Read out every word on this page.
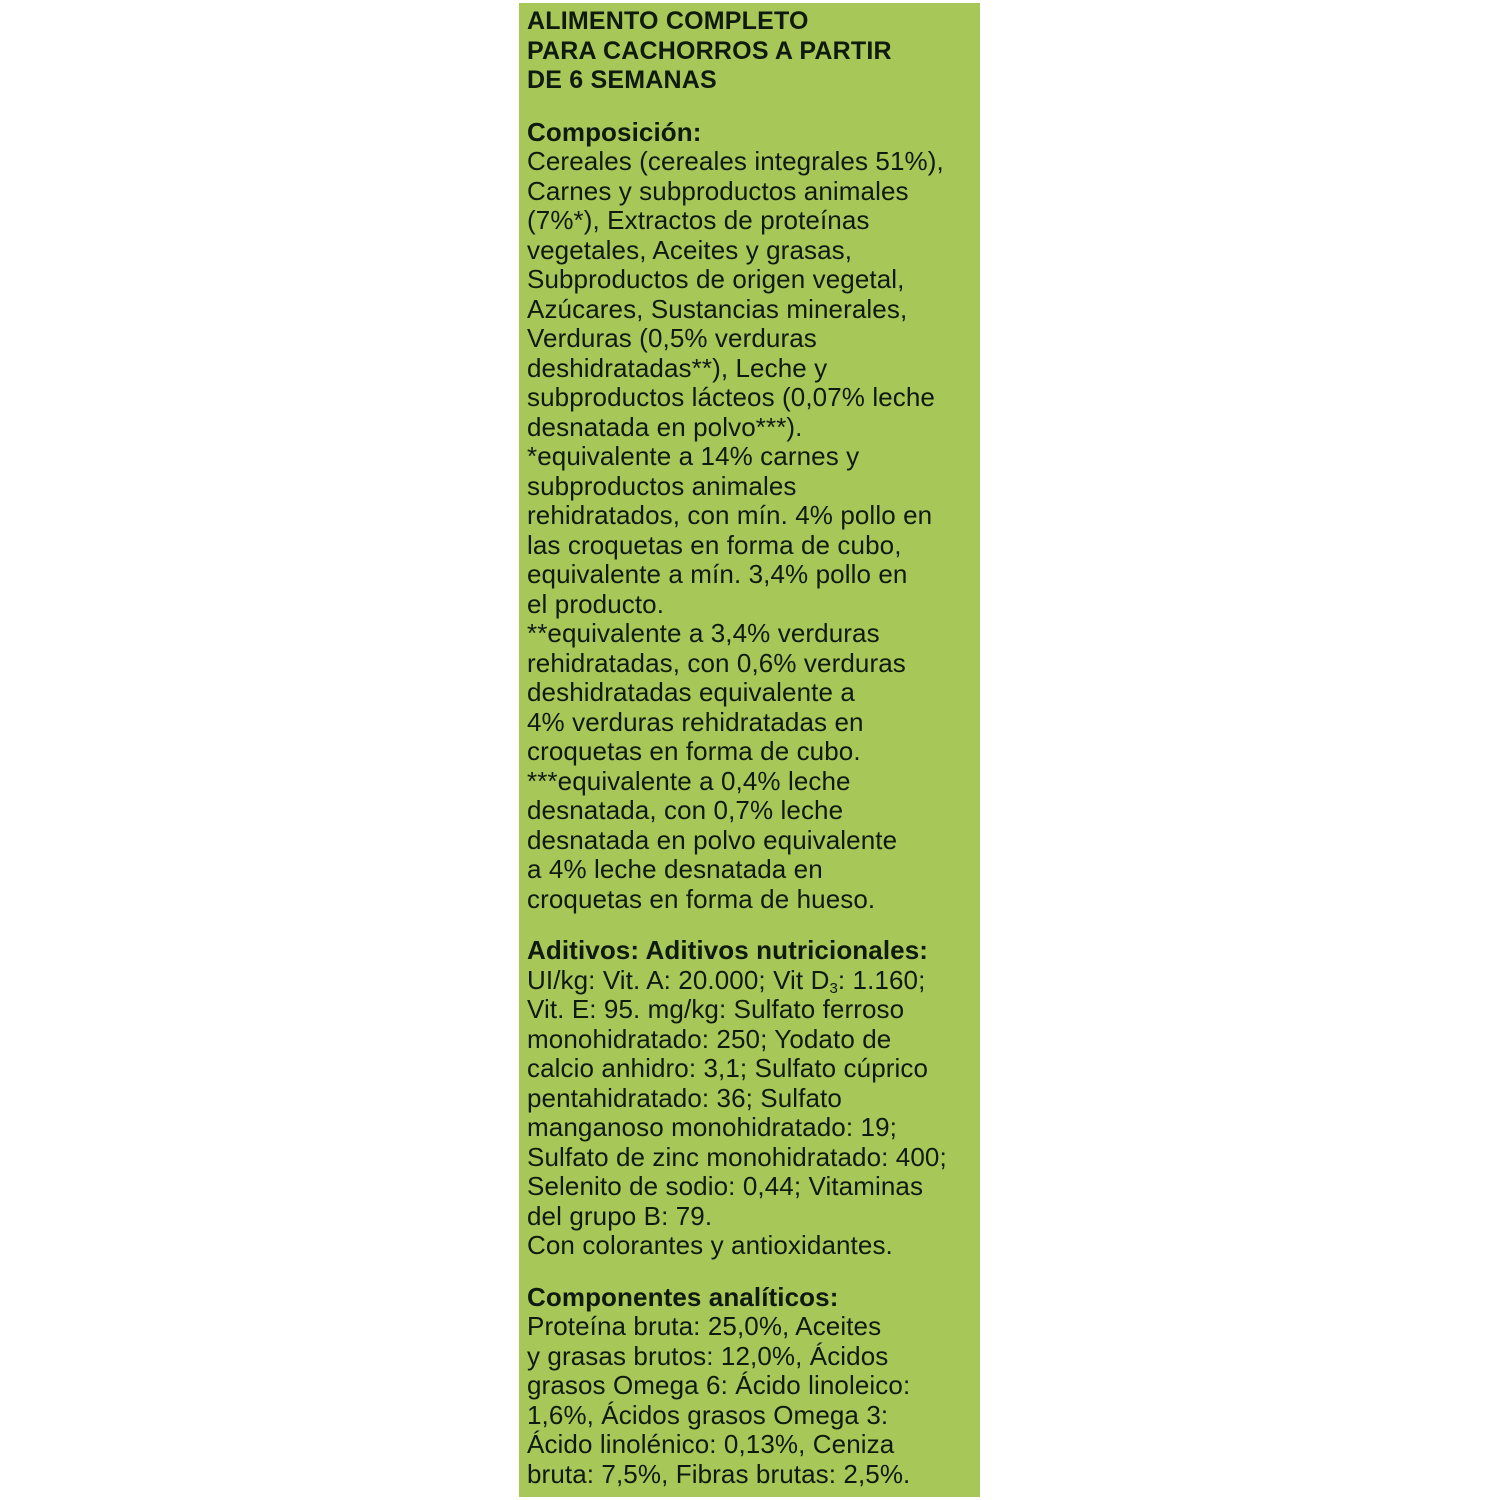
ALIMENTO COMPLETO
PARA CACHORROS A PARTIR
DE 6 SEMANAS
Composición:
Cereales (cereales integrales 51%),
Carnes y subproductos animales
(7%*), Extractos de proteínas
vegetales, Aceites y grasas,
Subproductos de origen vegetal,
Azúcares, Sustancias minerales,
Verduras (0,5% verduras
deshidratadas**), Leche y
subproductos lácteos (0,07% leche
desnatada en polvo***).
*equivalente a 14% carnes y
subproductos animales
rehidratados, con mín. 4% pollo en
las croquetas en forma de cubo,
equivalente a mín. 3,4% pollo en
el producto.
**equivalente a 3,4% verduras
rehidratadas, con 0,6% verduras
deshidratadas equivalente a
4% verduras rehidratadas en
croquetas en forma de cubo.
***equivalente a 0,4% leche
desnatada, con 0,7% leche
desnatada en polvo equivalente
a 4% leche desnatada en
croquetas en forma de hueso.
Aditivos: Aditivos nutricionales:
UI/kg: Vit. A: 20.000; Vit $D_3$: 1.160;
Vit. E: 95. mg/kg: Sulfato ferroso
monohidratado: 250; Yodato de
calcio anhidro: 3,1; Sulfato cúprico
pentahidratado: 36; Sulfato
manganoso monohidratado: 19;
Sulfato de zinc monohidratado: 400;
Selenito de sodio: 0,44; Vitaminas
del grupo B: 79.
Con colorantes y antioxidantes.
Componentes analíticos:
Proteína bruta: 25,0%, Aceites
y grasas brutos: 12,0%, Ácidos
grasos Omega 6: Ácido linoleico:
1,6%, Ácidos grasos Omega 3:
Ácido linolénico: 0,13%, Ceniza
bruta: 7,5%, Fibras brutas: 2,5%.
